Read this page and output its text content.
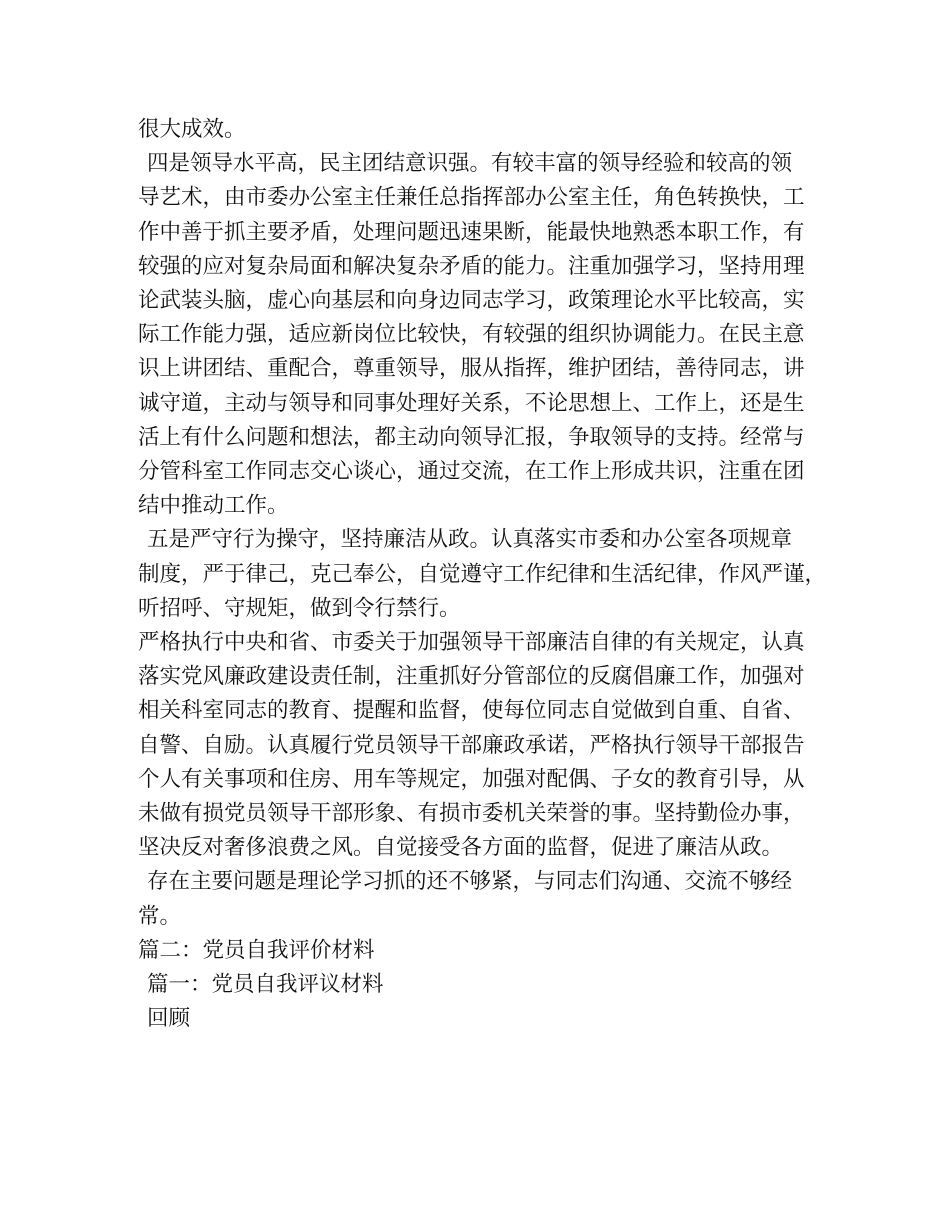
很大成效。
四是领导水平高，民主团结意识强。有较丰富的领导经验和较高的领
导艺术，由市委办公室主任兼任总指挥部办公室主任，角色转换快，工
作中善于抓主要矛盾，处理问题迅速果断，能最快地熟悉本职工作，有
较强的应对复杂局面和解决复杂矛盾的能力。注重加强学习，坚持用理
论武装头脑，虚心向基层和向身边同志学习，政策理论水平比较高，实
际工作能力强，适应新岗位比较快，有较强的组织协调能力。在民主意
识上讲团结、重配合，尊重领导，服从指挥，维护团结，善待同志，讲
诚守道，主动与领导和同事处理好关系，不论思想上、工作上，还是生
活上有什么问题和想法，都主动向领导汇报，争取领导的支持。经常与
分管科室工作同志交心谈心，通过交流，在工作上形成共识，注重在团
结中推动工作。
五是严守行为操守，坚持廉洁从政。认真落实市委和办公室各项规章
制度，严于律己，克己奉公，自觉遵守工作纪律和生活纪律，作风严谨，
听招呼、守规矩，做到令行禁行。
严格执行中央和省、市委关于加强领导干部廉洁自律的有关规定，认真
落实党风廉政建设责任制，注重抓好分管部位的反腐倡廉工作，加强对
相关科室同志的教育、提醒和监督，使每位同志自觉做到自重、自省、
自警、自励。认真履行党员领导干部廉政承诺，严格执行领导干部报告
个人有关事项和住房、用车等规定，加强对配偶、子女的教育引导，从
未做有损党员领导干部形象、有损市委机关荣誉的事。坚持勤俭办事，
坚决反对奢侈浪费之风。自觉接受各方面的监督，促进了廉洁从政。
存在主要问题是理论学习抓的还不够紧，与同志们沟通、交流不够经
常。
篇二：党员自我评价材料
篇一：党员自我评议材料
回顾
